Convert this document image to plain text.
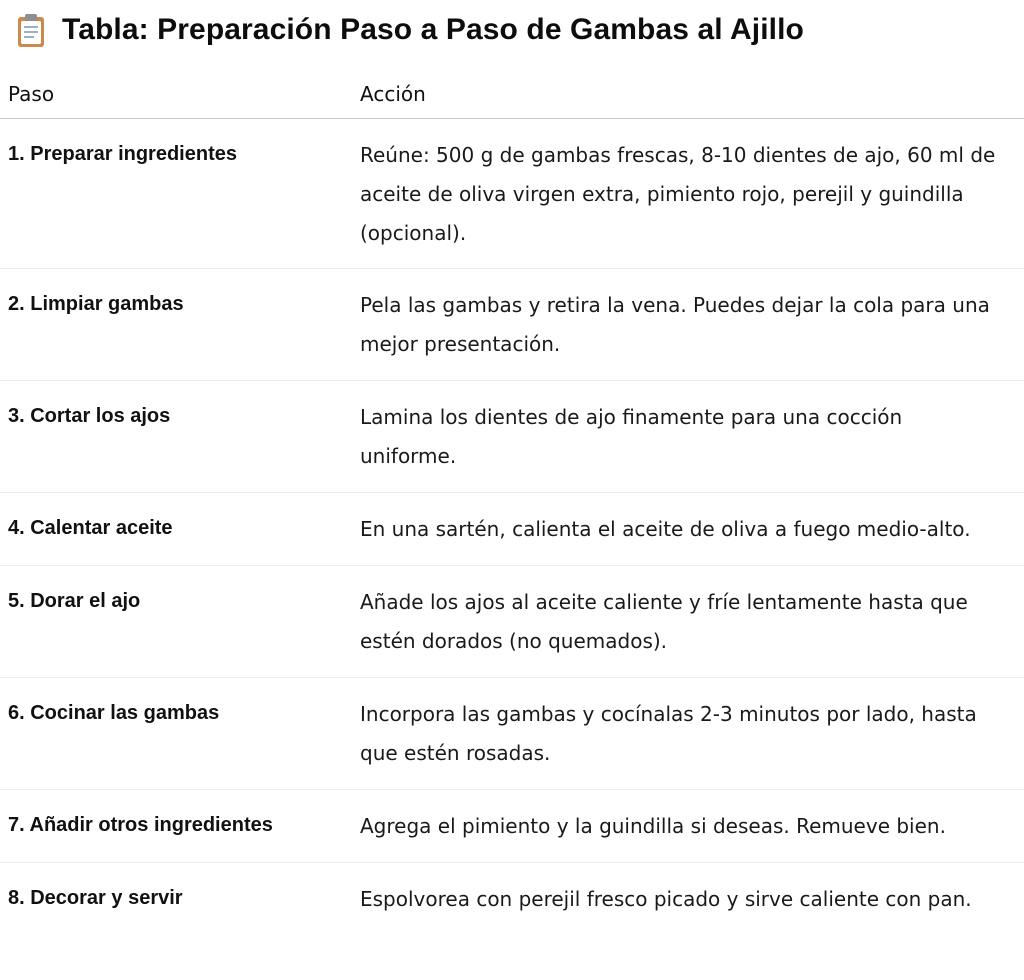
Tabla: Preparación Paso a Paso de Gambas al Ajillo
Paso	Acción
1. Preparar ingredientes	Reúne: 500 g de gambas frescas, 8-10 dientes de ajo, 60 ml de aceite de oliva virgen extra, pimiento rojo, perejil y guindilla (opcional).
2. Limpiar gambas	Pela las gambas y retira la vena. Puedes dejar la cola para una mejor presentación.
3. Cortar los ajos	Lamina los dientes de ajo finamente para una cocción uniforme.
4. Calentar aceite	En una sartén, calienta el aceite de oliva a fuego medio-alto.
5. Dorar el ajo	Añade los ajos al aceite caliente y fríe lentamente hasta que estén dorados (no quemados).
6. Cocinar las gambas	Incorpora las gambas y cocínalas 2-3 minutos por lado, hasta que estén rosadas.
7. Añadir otros ingredientes	Agrega el pimiento y la guindilla si deseas. Remueve bien.
8. Decorar y servir	Espolvorea con perejil fresco picado y sirve caliente con pan.
